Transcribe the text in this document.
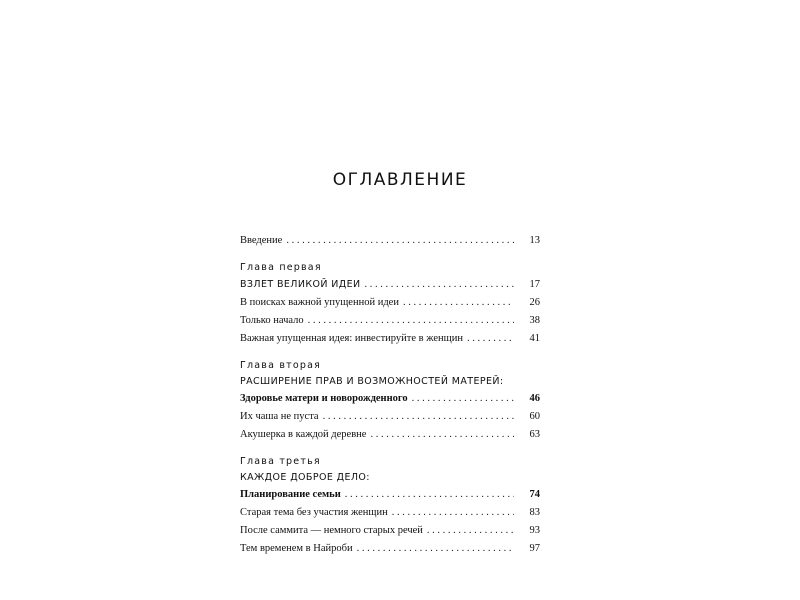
ОГЛАВЛЕНИЕ
Введение . . .	13
Глава первая
ВЗЛЕТ ВЕЛИКОЙ ИДЕИ . . .	17
В поисках важной упущенной идеи . . .	26
Только начало . . .	38
Важная упущенная идея: инвестируйте в женщин . . .	41
Глава вторая
РАСШИРЕНИЕ ПРАВ И ВОЗМОЖНОСТЕЙ МАТЕРЕЙ:
Здоровье матери и новорожденного . . .	46
Их чаша не пуста . . .	60
Акушерка в каждой деревне . . .	63
Глава третья
КАЖДОЕ ДОБРОЕ ДЕЛО:
Планирование семьи . . .	74
Старая тема без участия женщин . . .	83
После саммита — немного старых речей . . .	93
Тем временем в Найроби . . .	97
